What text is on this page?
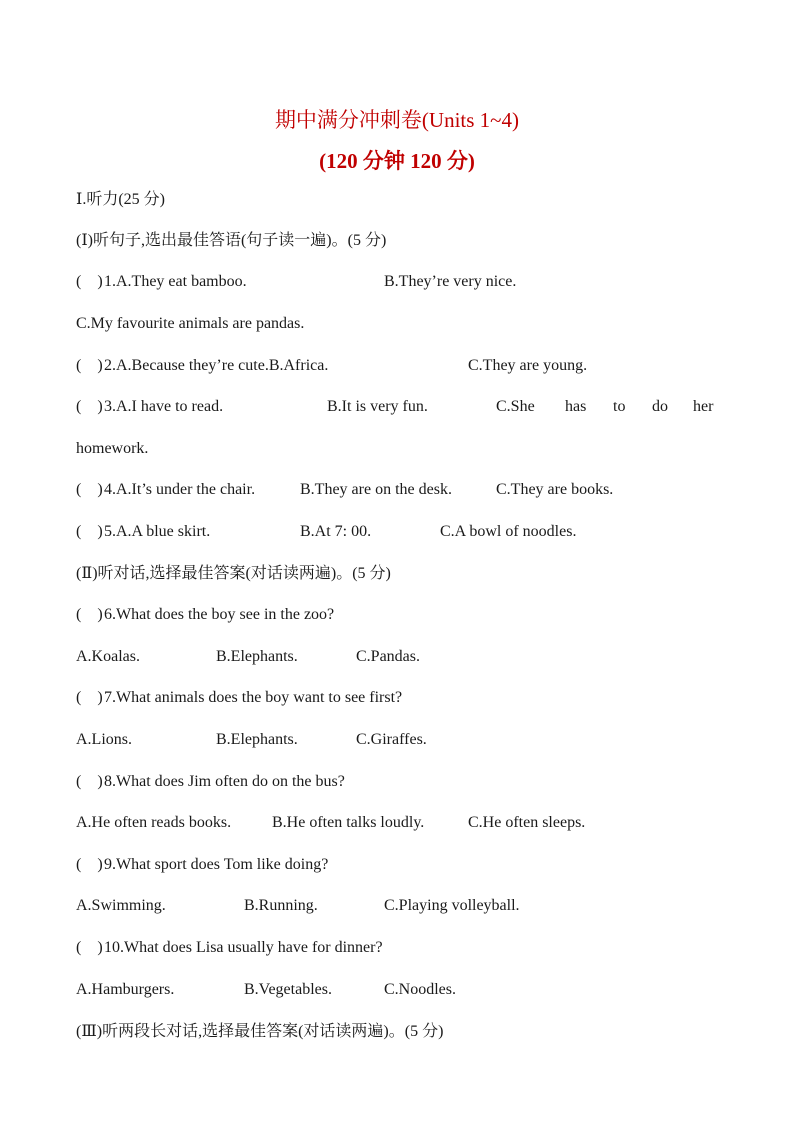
期中满分冲刺卷(Units 1~4)
(120 分钟 120 分)
Ⅰ.听力(25 分)
(Ⅰ)听句子,选出最佳答语(句子读一遍)。(5 分)
(　)1.A.They eat bamboo.	B.They’re very nice.
C.My favourite animals are pandas.
(　)2.A.Because they’re cute.B.Africa.	C.They are young.
(　)3.A.I have to read.	B.It is very fun.	C.She has to do her
homework.
(　)4.A.It’s under the chair.	B.They are on the desk.	C.They are books.
(　)5.A.A blue skirt.	B.At 7: 00.	C.A bowl of noodles.
(Ⅱ)听对话,选择最佳答案(对话读两遍)。(5 分)
(　)6.What does the boy see in the zoo?
A.Koalas.	B.Elephants.	C.Pandas.
(　)7.What animals does the boy want to see first?
A.Lions.	B.Elephants.	C.Giraffes.
(　)8.What does Jim often do on the bus?
A.He often reads books.	B.He often talks loudly.	C.He often sleeps.
(　)9.What sport does Tom like doing?
A.Swimming.	B.Running.	C.Playing volleyball.
(　)10.What does Lisa usually have for dinner?
A.Hamburgers.	B.Vegetables.	C.Noodles.
(Ⅲ)听两段长对话,选择最佳答案(对话读两遍)。(5 分)
